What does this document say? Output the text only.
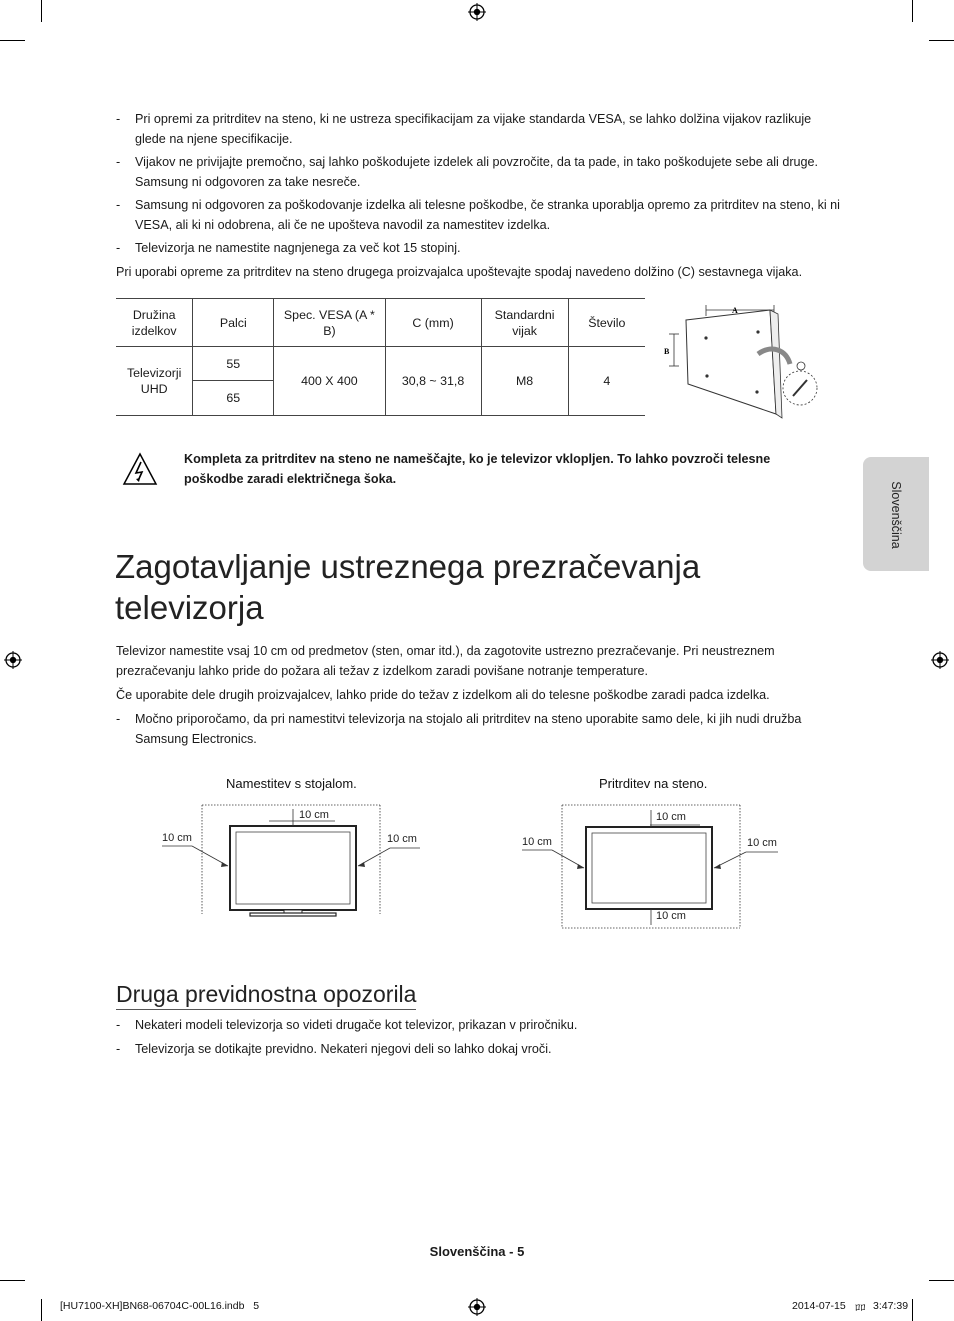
- Pri opremi za pritrditev na steno, ki ne ustreza specifikacijam za vijake standarda VESA, se lahko dolžina vijakov razlikuje glede na njene specifikacije.

- Vijakov ne privijajte premočno, saj lahko poškodujete izdelek ali povzročite, da ta pade, in tako poškodujete sebe ali druge. Samsung ni odgovoren za take nesreče.

- Samsung ni odgovoren za poškodovanje izdelka ali telesne poškodbe, če stranka uporablja opremo za pritrditev na steno, ki ni VESA, ali ki ni odobrena, ali če ne upošteva navodil za namestitev izdelka.

- Televizorja ne namestite nagnjenega za več kot 15 stopinj.

Pri uporabi opreme za pritrditev na steno drugega proizvajalca upoštevajte spodaj navedeno dolžino (C) sestavnega vijaka.

Družina izdelkov	Palci	Spec. VESA (A * B)	C (mm)	Standardni vijak	Število
Televizorji UHD	55	400 X 400	30,8 ~ 31,8	M8	4
	65				
A
B

Kompleta za pritrditev na steno ne nameščajte, ko je televizor vklopljen. To lahko povzroči telesne poškodbe zaradi električnega šoka.

Slovenščina
Zagotavljanje ustreznega prezračevanja televizorja

Televizor namestite vsaj 10 cm od predmetov (sten, omar itd.), da zagotovite ustrezno prezračevanje. Pri neustreznem prezračevanju lahko pride do požara ali težav z izdelkom zaradi povišane notranje temperature.

Če uporabite dele drugih proizvajalcev, lahko pride do težav z izdelkom ali do telesne poškodbe zaradi padca izdelka.

- Močno priporočamo, da pri namestitvi televizorja na stojalo ali pritrditev na steno uporabite samo dele, ki jih nudi družba Samsung Electronics.

Namestitev s stojalom.
10 cm
10 cm	10 cm
Pritrditev na steno.
10 cm
10 cm	10 cm
10 cm
Druga previdnostna opozorila
- Nekateri modeli televizorja so videti drugače kot televizor, prikazan v priročniku.

- Televizorja se dotikajte previdno. Nekateri njegovi deli so lahko dokaj vroči.

Slovenščina - 5
[HU7100-XH]BN68-06704C-00L16.indb   5	2014-07-15 ﾛﾛ 3:47:39
